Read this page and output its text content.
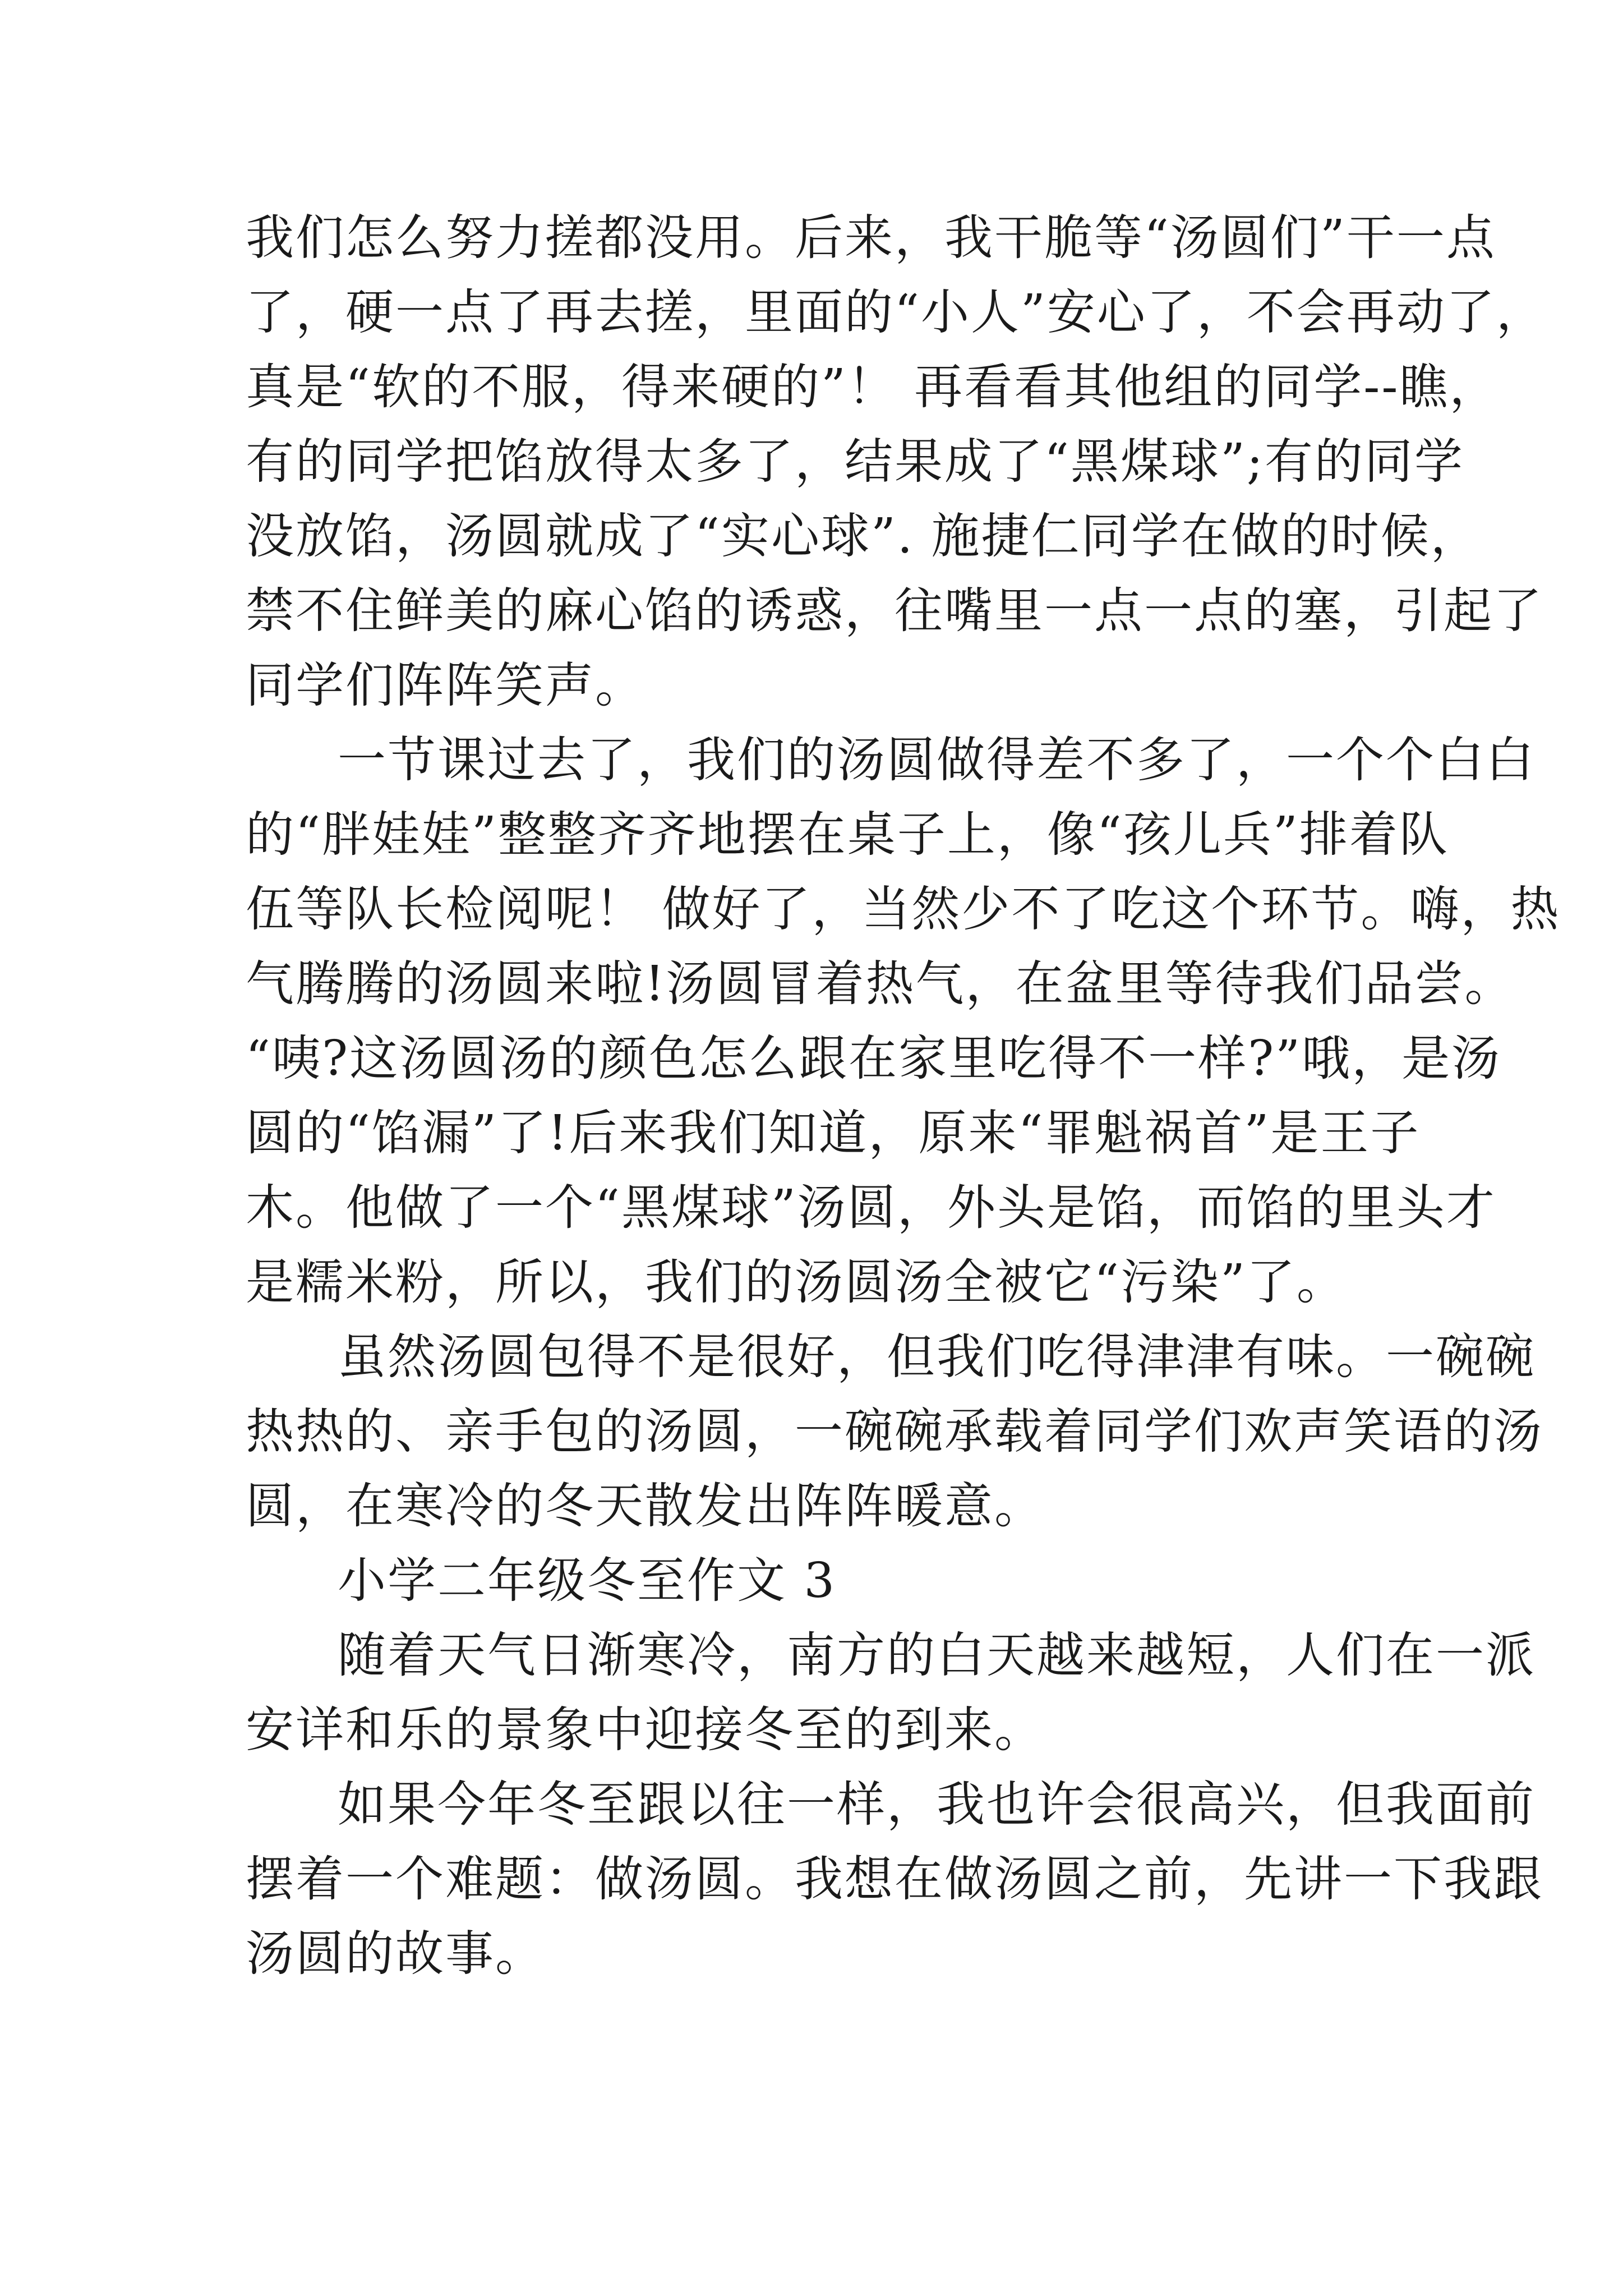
我们怎么努力搓都没用。后来，我干脆等“汤圆们”干一点

了，硬一点了再去搓，里面的“小人”安心了，不会再动了，

真是“软的不服，得来硬的”！ 再看看其他组的同学--瞧，

有的同学把馅放得太多了，结果成了“黑煤球”;有的同学

没放馅，汤圆就成了“实心球”. 施捷仁同学在做的时候，

禁不住鲜美的麻心馅的诱惑，往嘴里一点一点的塞，引起了

同学们阵阵笑声。

一节课过去了，我们的汤圆做得差不多了，一个个白白

的“胖娃娃”整整齐齐地摆在桌子上，像“孩儿兵”排着队

伍等队长检阅呢！ 做好了，当然少不了吃这个环节。嗨，热

气腾腾的汤圆来啦!汤圆冒着热气，在盆里等待我们品尝。

“咦?这汤圆汤的颜色怎么跟在家里吃得不一样?”哦，是汤

圆的“馅漏”了!后来我们知道，原来“罪魁祸首”是王子

木。他做了一个“黑煤球”汤圆，外头是馅，而馅的里头才

是糯米粉，所以，我们的汤圆汤全被它“污染”了。

虽然汤圆包得不是很好，但我们吃得津津有味。一碗碗

热热的、亲手包的汤圆，一碗碗承载着同学们欢声笑语的汤

圆，在寒冷的冬天散发出阵阵暖意。

小学二年级冬至作文 3

随着天气日渐寒冷，南方的白天越来越短，人们在一派

安详和乐的景象中迎接冬至的到来。

如果今年冬至跟以往一样，我也许会很高兴，但我面前

摆着一个难题：做汤圆。我想在做汤圆之前，先讲一下我跟

汤圆的故事。
